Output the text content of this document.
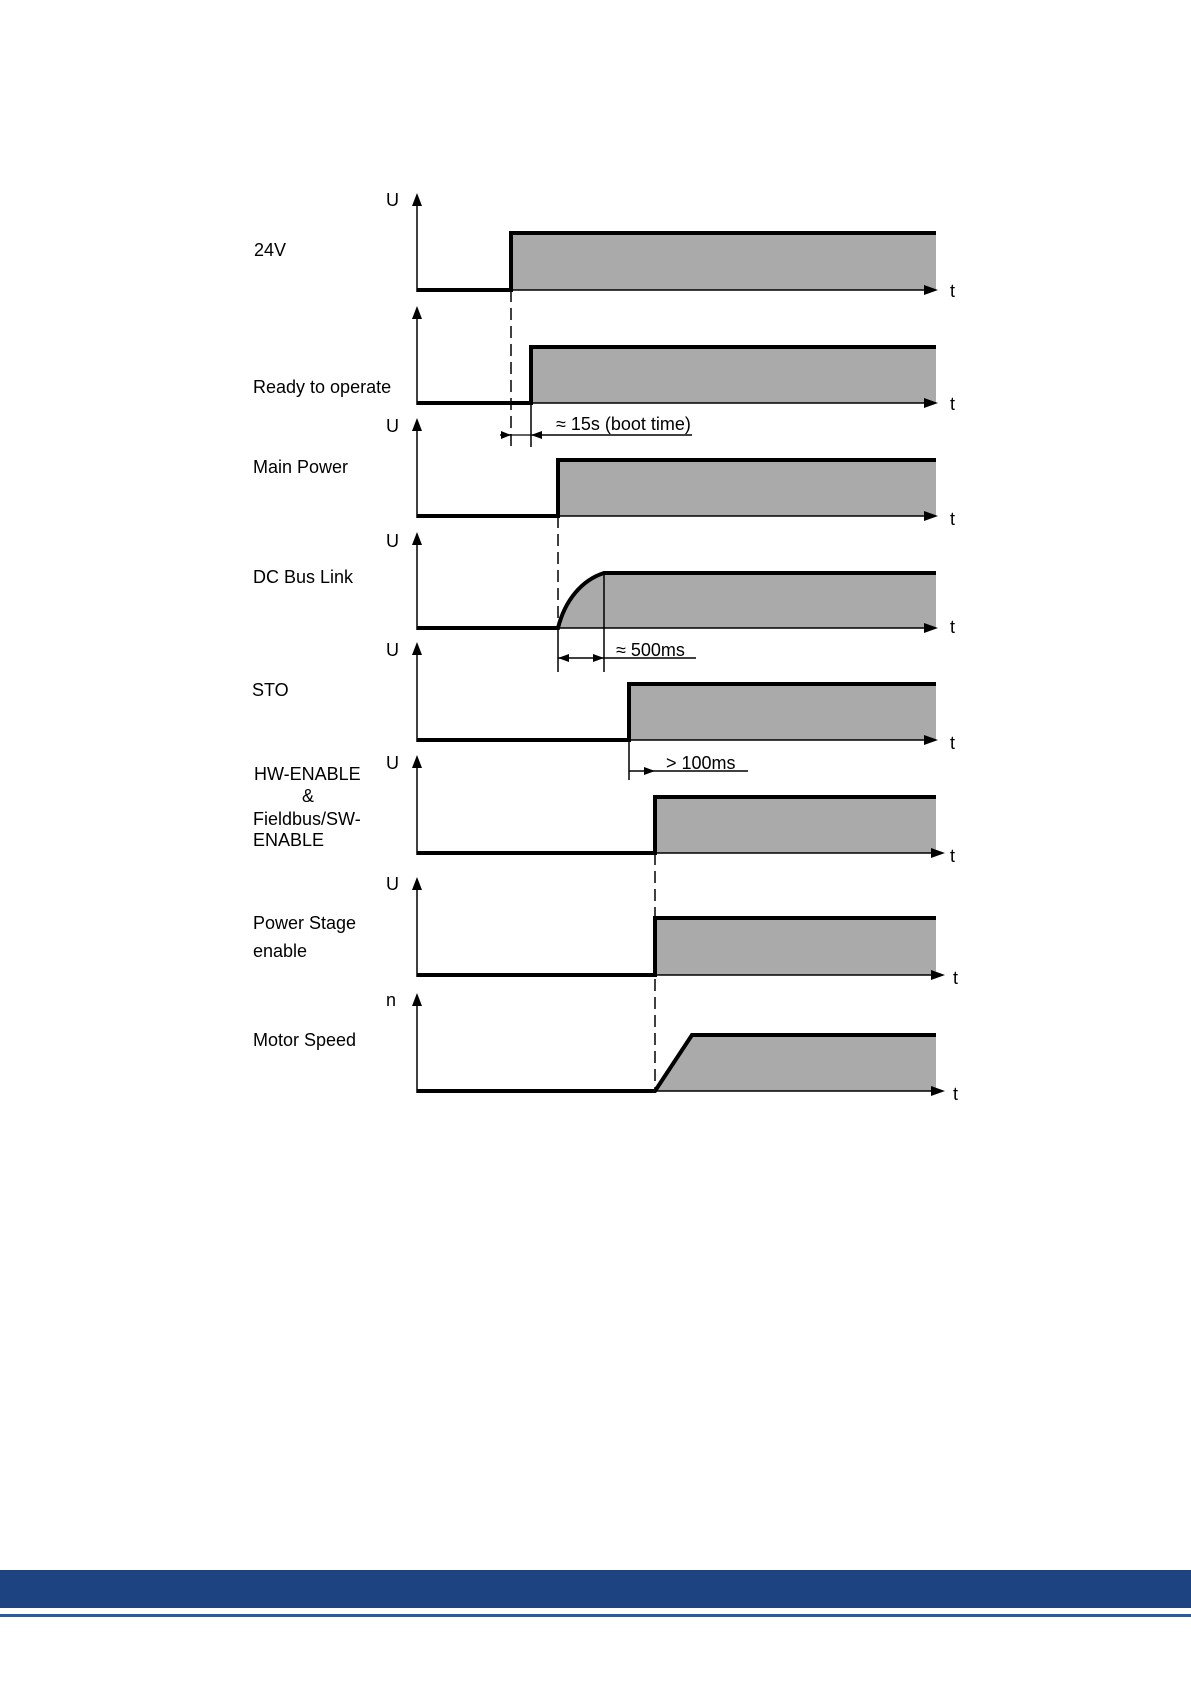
U
t
24V
t
Ready to operate
≈ 15s (boot time)
U
t
Main Power
U
t
DC Bus Link
≈ 500ms
U
t
STO
> 100ms
U
t
HW-ENABLE
&
Fieldbus/SW-
ENABLE
U
t
Power Stage
enable
n
t
Motor Speed
